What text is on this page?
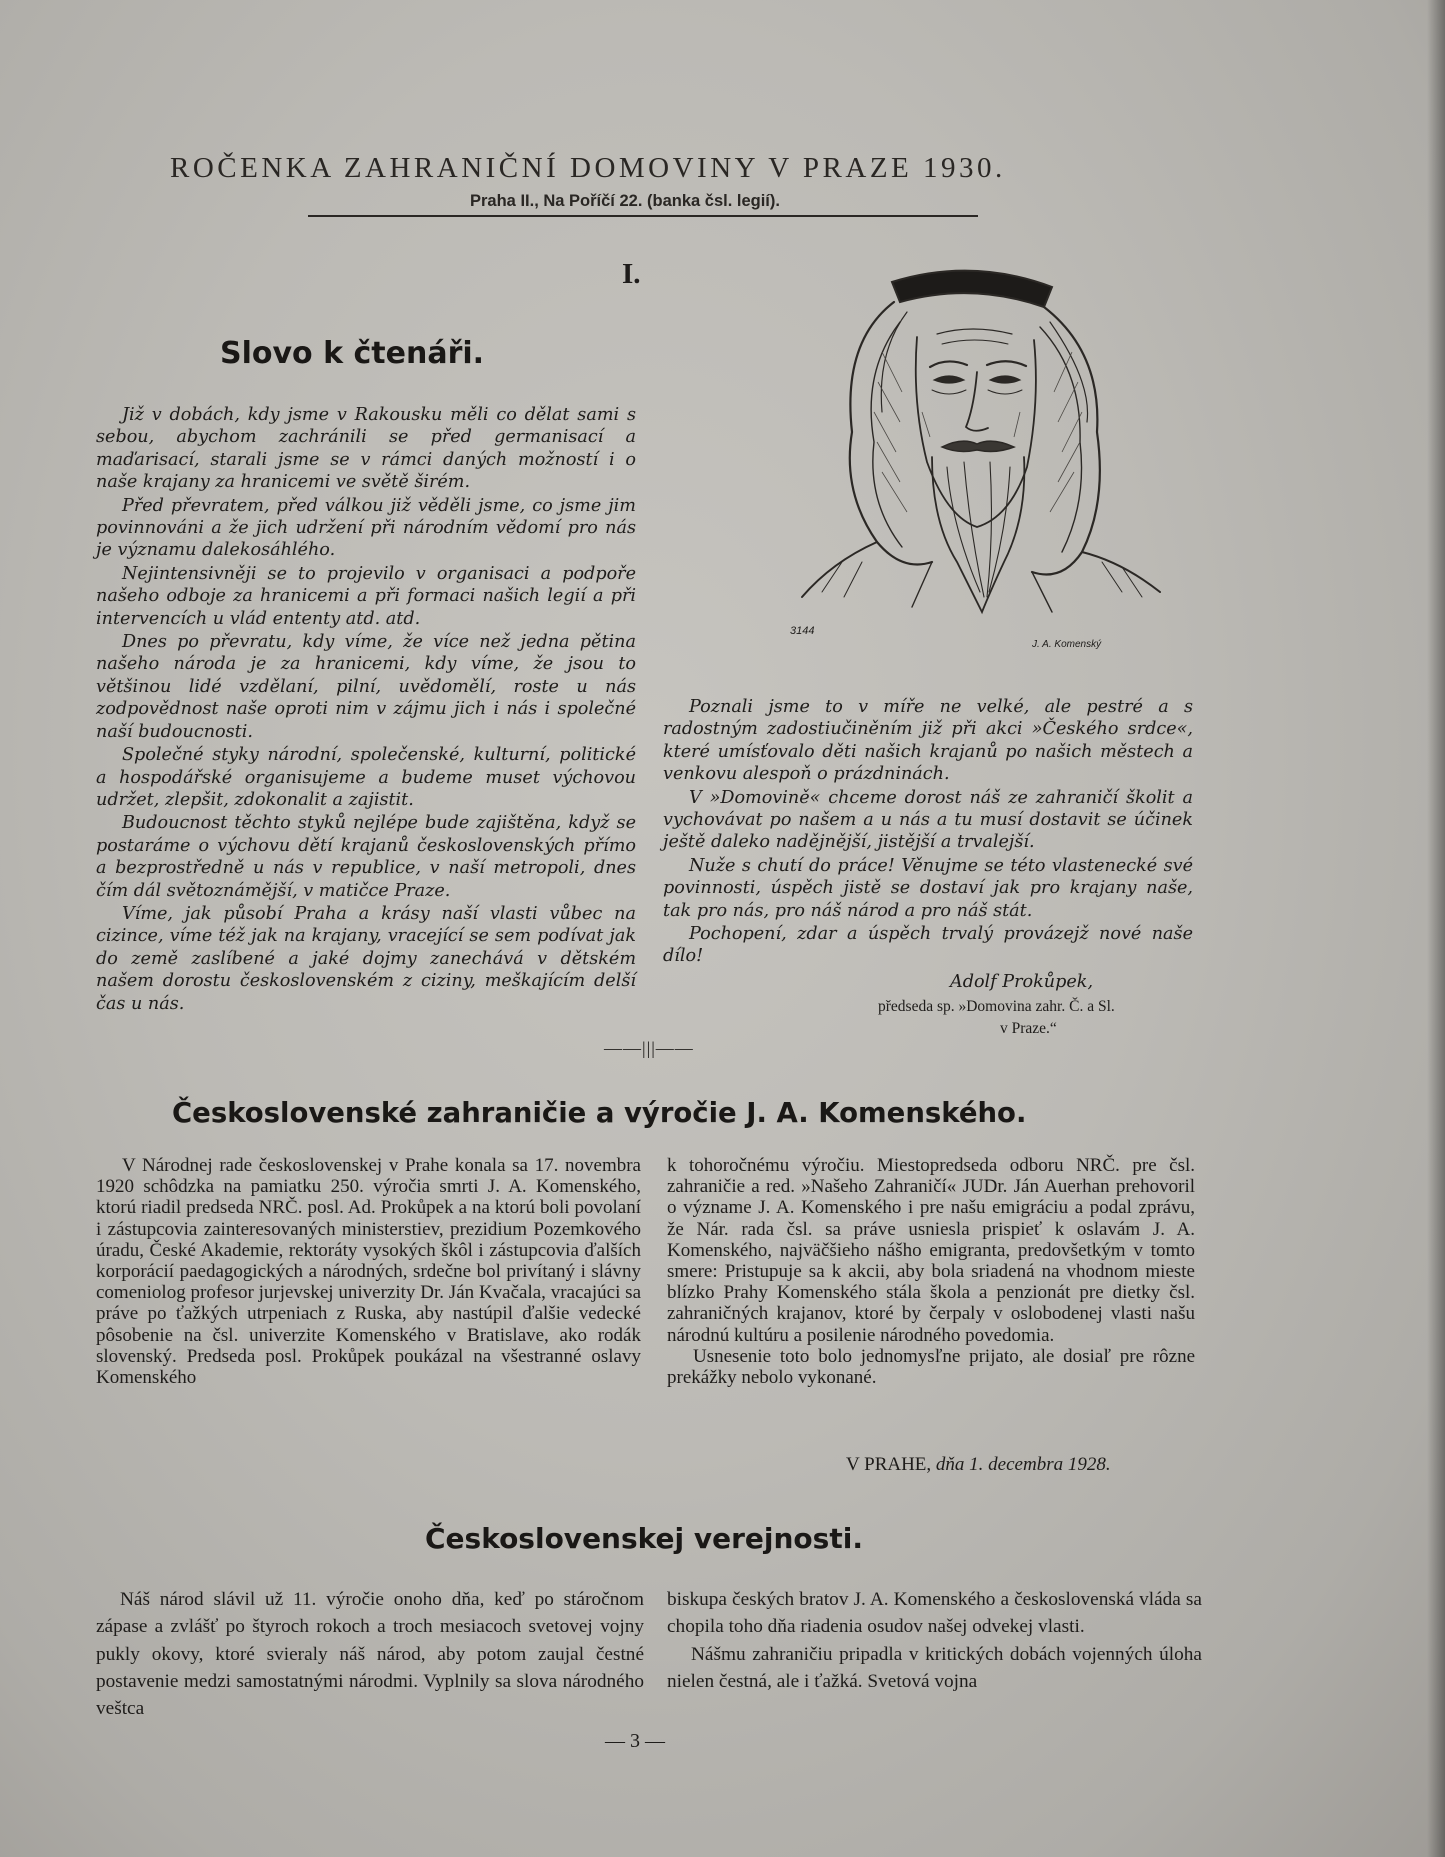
ROČENKA ZAHRANIČNÍ DOMOVINY V PRAZE 1930.
Praha II., Na Poříčí 22. (banka čsl. legií).
I.
Slovo k čtenáři.

Již v dobách, kdy jsme v Rakousku měli co dělat sami s sebou, abychom zachránili se před germanisací a maďarisací, starali jsme se v rámci daných možností i o naše krajany za hranicemi ve světě širém.

Před převratem, před válkou již věděli jsme, co jsme jim povinnováni a že jich udržení při národním vědomí pro nás je významu dalekosáhlého.

Nejintensivněji se to projevilo v organisaci a podpoře našeho odboje za hranicemi a při formaci našich legií a při intervencích u vlád ententy atd. atd.

Dnes po převratu, kdy víme, že více než jedna pětina našeho národa je za hranicemi, kdy víme, že jsou to většinou lidé vzdělaní, pilní, uvědomělí, roste u nás zodpovědnost naše oproti nim v zájmu jich i nás i společné naší budoucnosti.

Společné styky národní, společenské, kulturní, politické a hospodářské organisujeme a budeme muset výchovou udržet, zlepšit, zdokonalit a zajistit.

Budoucnost těchto styků nejlépe bude zajištěna, když se postaráme o výchovu dětí krajanů československých přímo a bezprostředně u nás v republice, v naší metropoli, dnes čím dál světoznámější, v matičce Praze.

Víme, jak působí Praha a krásy naší vlasti vůbec na cizince, víme též jak na krajany, vracející se sem podívat jak do země zaslíbené a jaké dojmy zanechává v dětském našem dorostu československém z ciziny, meškajícím delší čas u nás.

3144
J. A. Komenský

Poznali jsme to v míře ne velké, ale pestré a s radostným zadostiučiněním již při akci »Českého srdce«, které umísťovalo děti našich krajanů po našich městech a venkovu alespoň o prázdninách.

V »Domovině« chceme dorost náš ze zahraničí školit a vychovávat po našem a u nás a tu musí dostavit se účinek ještě daleko nadějnější, jistější a trvalejší.

Nuže s chutí do práce! Věnujme se této vlastenecké své povinnosti, úspěch jistě se dostaví jak pro krajany naše, tak pro nás, pro náš národ a pro náš stát.

Pochopení, zdar a úspěch trvalý provázejž nové naše dílo!

Adolf Prokůpek,
předseda sp. »Domovina zahr. Č. a Sl.
v Praze.“
——|||——
Československé zahraničie a výročie J. A. Komenského.

V Národnej rade československej v Prahe konala sa 17. novembra 1920 schôdzka na pamiatku 250. výročia smrti J. A. Komenského, ktorú riadil predseda NRČ. posl. Ad. Prokůpek a na ktorú boli povolaní i zástupcovia zainteresovaných ministerstiev, prezidium Pozemkového úradu, České Akademie, rektoráty vysokých škôl i zástupcovia ďalších korporácií paedagogických a národných, srdečne bol privítaný i slávny comeniolog profesor jurjevskej univerzity Dr. Ján Kvačala, vracajúci sa práve po ťažkých utrpeniach z Ruska, aby nastúpil ďalšie vedecké pôsobenie na čsl. univerzite Komenského v Bratislave, ako rodák slovenský. Predseda posl. Prokůpek poukázal na všestranné oslavy Komenského

k tohoročnému výročiu. Miestopredseda odboru NRČ. pre čsl. zahraničie a red. »Našeho Zahraničí« JUDr. Ján Auerhan prehovoril o význame J. A. Komenského i pre našu emigráciu a podal zprávu, že Nár. rada čsl. sa práve usniesla prispieť k oslavám J. A. Komenského, najväčšieho nášho emigranta, predovšetkým v tomto smere: Pristupuje sa k akcii, aby bola sriadená na vhodnom mieste blízko Prahy Komenského stála škola a penzionát pre dietky čsl. zahraničných krajanov, ktoré by čerpaly v oslobodenej vlasti našu národnú kultúru a posilenie národného povedomia.

Usnesenie toto bolo jednomysľne prijato, ale dosiaľ pre rôzne prekážky nebolo vykonané.

V PRAHE, dňa 1. decembra 1928.
Československej verejnosti.

Náš národ slávil už 11. výročie onoho dňa, keď po stáročnom zápase a zvlášť po štyroch rokoch a troch mesiacoch svetovej vojny pukly okovy, ktoré svieraly náš národ, aby potom zaujal čestné postavenie medzi samostatnými národmi. Vyplnily sa slova národného veštca

biskupa českých bratov J. A. Komenského a československá vláda sa chopila toho dňa riadenia osudov našej odvekej vlasti.

Nášmu zahraničiu pripadla v kritických dobách vojenných úloha nielen čestná, ale i ťažká. Svetová vojna

— 3 —
